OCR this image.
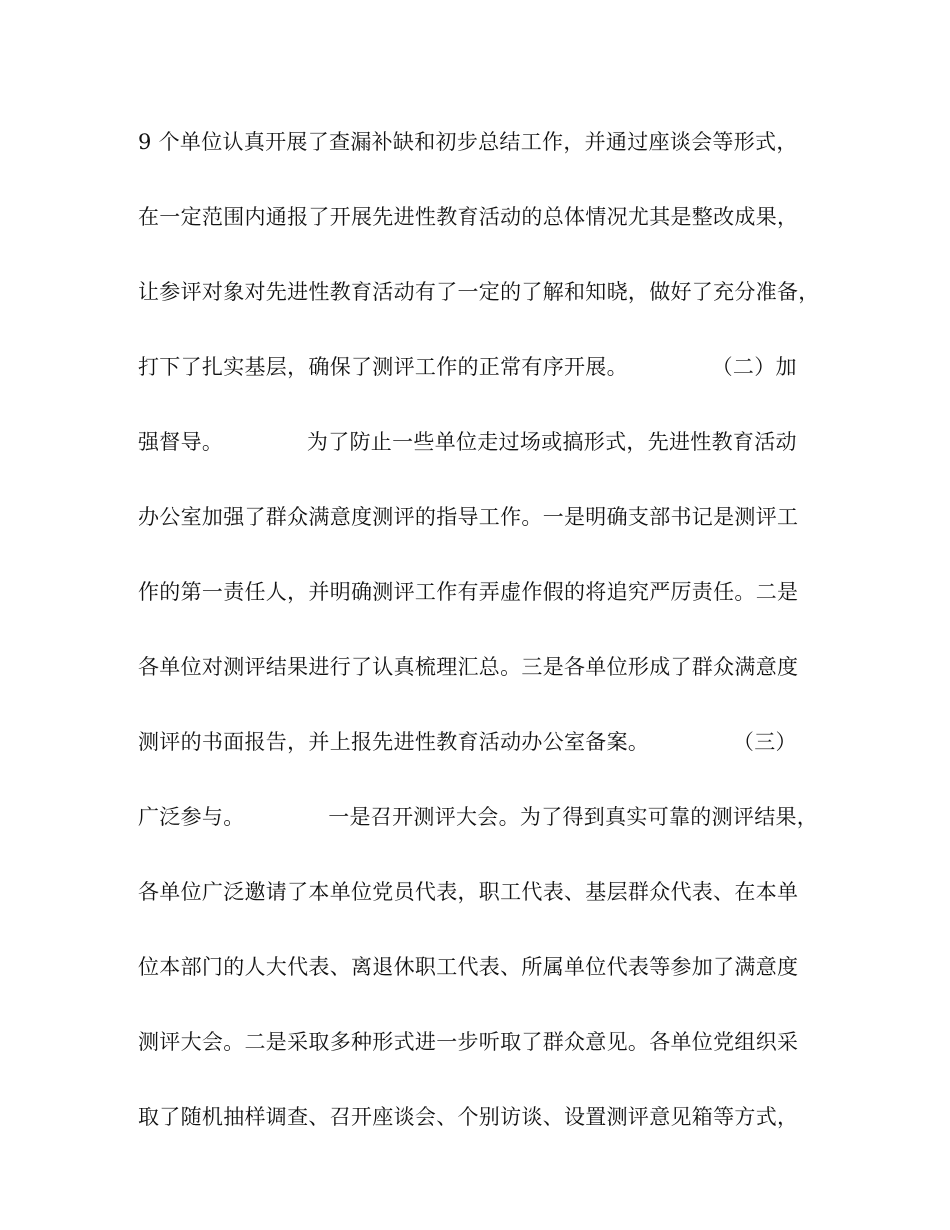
9 个单位认真开展了查漏补缺和初步总结工作，并通过座谈会等形式，
在一定范围内通报了开展先进性教育活动的总体情况尤其是整改成果，
让参评对象对先进性教育活动有了一定的了解和知晓，做好了充分准备，
打下了扎实基层，确保了测评工作的正常有序开展。            （二）加
强督导。            为了防止一些单位走过场或搞形式，先进性教育活动
办公室加强了群众满意度测评的指导工作。一是明确支部书记是测评工
作的第一责任人，并明确测评工作有弄虚作假的将追究严厉责任。二是
各单位对测评结果进行了认真梳理汇总。三是各单位形成了群众满意度
测评的书面报告，并上报先进性教育活动办公室备案。            （三）
广泛参与。            一是召开测评大会。为了得到真实可靠的测评结果，
各单位广泛邀请了本单位党员代表，职工代表、基层群众代表、在本单
位本部门的人大代表、离退休职工代表、所属单位代表等参加了满意度
测评大会。二是采取多种形式进一步听取了群众意见。各单位党组织采
取了随机抽样调查、召开座谈会、个别访谈、设置测评意见箱等方式，
